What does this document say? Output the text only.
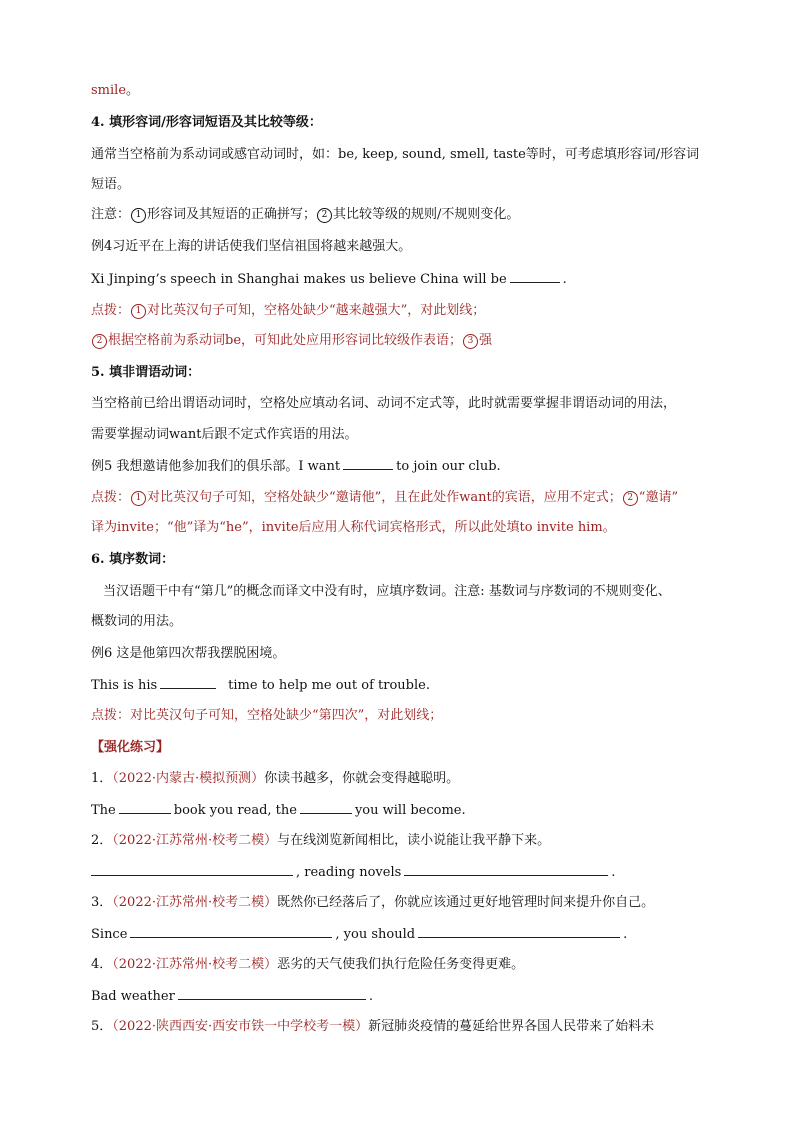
smile。
4. 填形容词/形容词短语及其比较等级：
通常当空格前为系动词或感官动词时，如：be, keep, sound, smell, taste等时，可考虑填形容词/形容词
短语。
注意： 1 形容词及其短语的正确拼写； 2 其比较等级的规则/不规则变化。
例4习近平在上海的讲话使我们坚信祖国将越来越强大。
Xi Jinping’s speech in Shanghai makes us believe China will be	.
点拨： 1 对比英汉句子可知，空格处缺少“越来越强大”，对此划线；
2 根据空格前为系动词be，可知此处应用形容词比较级作表语； 3 强
5. 填非谓语动词：
当空格前已给出谓语动词时，空格处应填动名词、动词不定式等，此时就需要掌握非谓语动词的用法，
需要掌握动词want后跟不定式作宾语的用法。
例5 我想邀请他参加我们的俱乐部。I want	to join our club.
点拨： 1 对比英汉句子可知，空格处缺少“邀请他”，且在此处作want的宾语，应用不定式； 2 “邀请”
译为invite；“他”译为“he”，invite后应用人称代词宾格形式，所以此处填to invite him。
6. 填序数词：
当汉语题干中有“第几”的概念而译文中没有时，应填序数词。注意: 基数词与序数词的不规则变化、
概数词的用法。
例6 这是他第四次帮我摆脱困境。
This is his	time to help me out of trouble.
点拨：对比英汉句子可知，空格处缺少“第四次”，对此划线；
【强化练习】
1．（2022·内蒙古·模拟预测）你读书越多，你就会变得越聪明。
The	book you read, the	you will become.
2．（2022·江苏常州·校考二模）与在线浏览新闻相比，读小说能让我平静下来。
, reading novels	.
3．（2022·江苏常州·校考二模）既然你已经落后了，你就应该通过更好地管理时间来提升你自己。
Since	, you should	.
4．（2022·江苏常州·校考二模）恶劣的天气使我们执行危险任务变得更难。
Bad weather	.
5．（2022·陕西西安·西安市铁一中学校考一模）新冠肺炎疫情的蔓延给世界各国人民带来了始料未
